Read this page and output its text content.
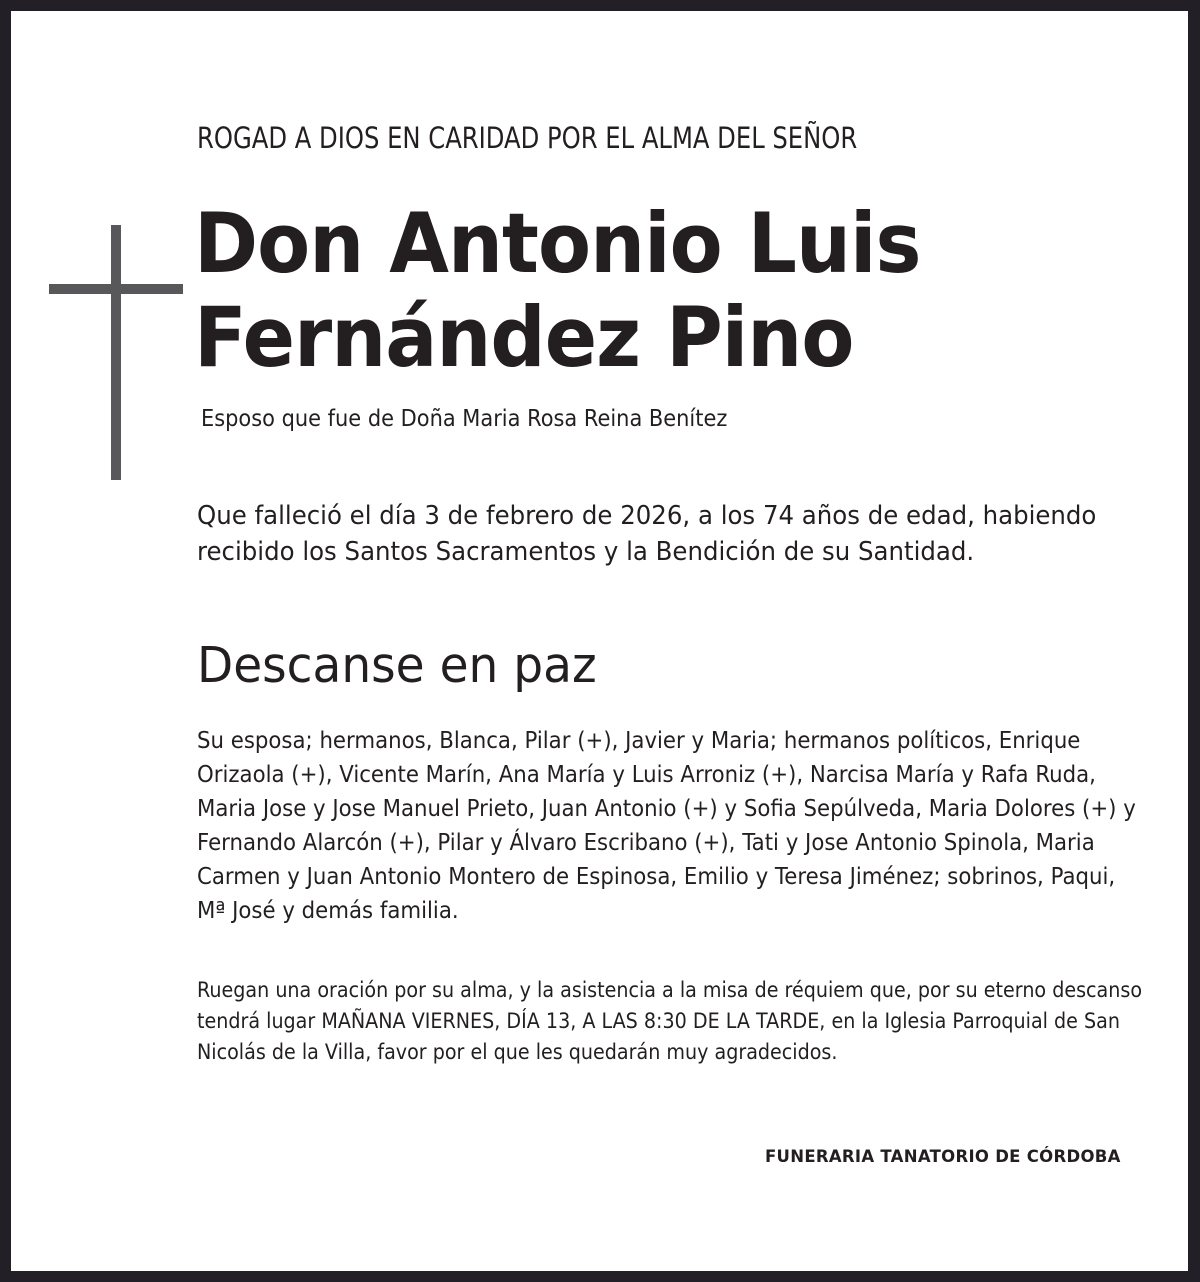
ROGAD A DIOS EN CARIDAD POR EL ALMA DEL SEÑOR
Don Antonio Luis
Fernández Pino
Esposo que fue de Doña Maria Rosa Reina Benítez
Que falleció el día 3 de febrero de 2026, a los 74 años de edad, habiendo recibido los Santos Sacramentos y la Bendición de su Santidad.
Descanse en paz
Su esposa; hermanos, Blanca, Pilar (+), Javier y Maria; hermanos políticos, Enrique Orizaola (+), Vicente Marín, Ana María y Luis Arroniz (+), Narcisa María y Rafa Ruda, Maria Jose y Jose Manuel Prieto, Juan Antonio (+) y Sofia Sepúlveda, Maria Dolores (+) y Fernando Alarcón (+), Pilar y Álvaro Escribano (+), Tati y Jose Antonio Spinola, Maria Carmen y Juan Antonio Montero de Espinosa, Emilio y Teresa Jiménez; sobrinos, Paqui, Mª José y demás familia.
Ruegan una oración por su alma, y la asistencia a la misa de réquiem que, por su eterno descanso tendrá lugar MAÑANA VIERNES, DÍA 13, A LAS 8:30 DE LA TARDE, en la Iglesia Parroquial de San Nicolás de la Villa, favor por el que les quedarán muy agradecidos.
FUNERARIA TANATORIO DE CÓRDOBA
